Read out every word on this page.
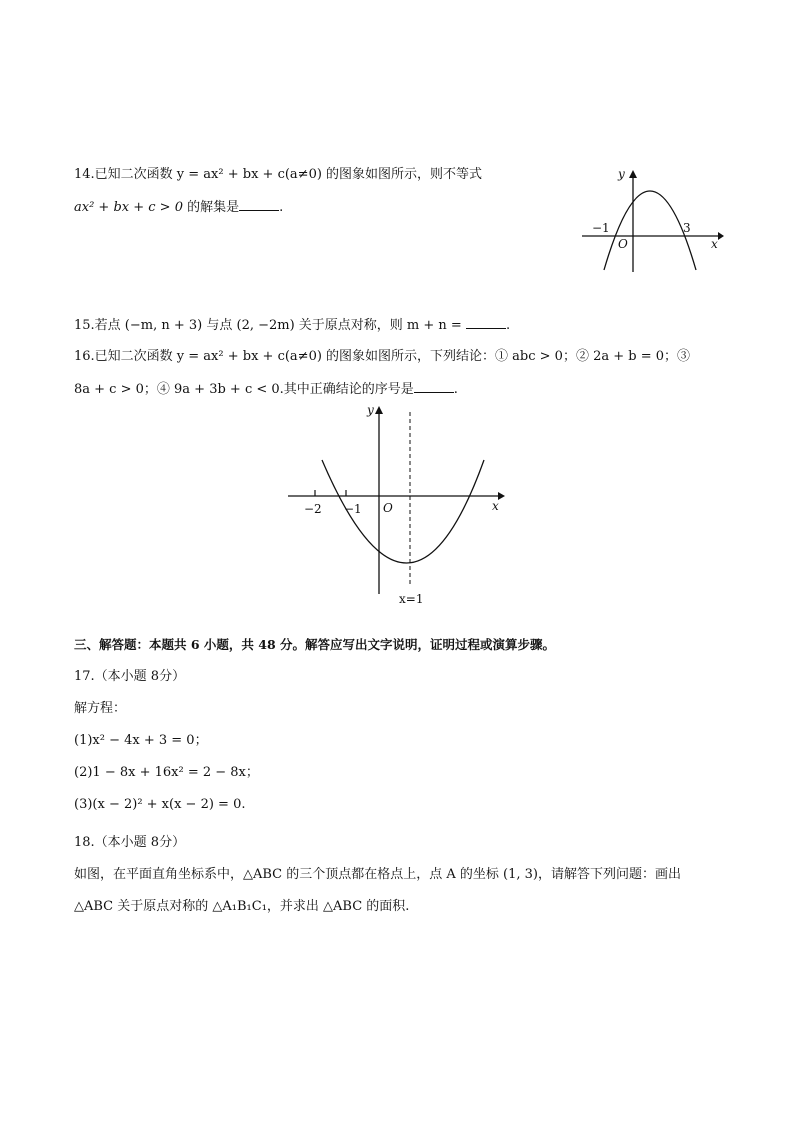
14.已知二次函数 y = ax² + bx + c(a≠0) 的图象如图所示，则不等式
ax² + bx + c > 0 的解集是	.
y
x
O
−1	3
15.若点 (−m, n + 3) 与点 (2, −2m) 关于原点对称，则 m + n =	.
16.已知二次函数 y = ax² + bx + c(a≠0) 的图象如图所示，下列结论：① abc > 0；② 2a + b = 0；③
8a + c > 0；④ 9a + 3b + c < 0.其中正确结论的序号是	.
y
x
O
−2 −1
x=1
三、解答题：本题共 6 小题，共 48 分。解答应写出文字说明，证明过程或演算步骤。
17.（本小题 8分）
解方程：
(1)x² − 4x + 3 = 0；
(2)1 − 8x + 16x² = 2 − 8x；
(3)(x − 2)² + x(x − 2) = 0.
18.（本小题 8分）
如图，在平面直角坐标系中，△ABC 的三个顶点都在格点上，点 A 的坐标 (1, 3)，请解答下列问题：画出
△ABC 关于原点对称的 △A₁B₁C₁，并求出 △ABC 的面积.
